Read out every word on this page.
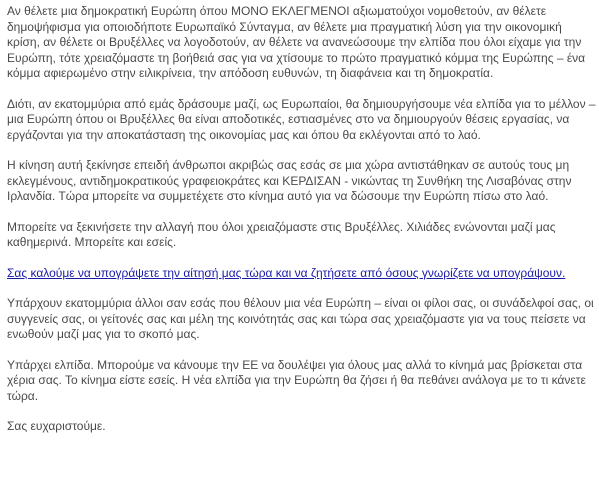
Αν θέλετε μια δημοκρατική Ευρώπη όπου ΜΟΝΟ ΕΚΛΕΓΜΕΝΟΙ αξιωματούχοι νομοθετούν, αν θέλετε δημοψήφισμα για οποιοδήποτε Ευρωπαϊκό Σύνταγμα, αν θέλετε μια πραγματική λύση για την οικονομική κρίση, αν θέλετε οι Βρυξέλλες να λογοδοτούν, αν θέλετε να ανανεώσουμε την ελπίδα που όλοι είχαμε για την Ευρώπη, τότε χρειαζόμαστε τη βοήθειά σας για να χτίσουμε το πρώτο πραγματικό κόμμα της Ευρώπης – ένα κόμμα αφιερωμένο στην ειλικρίνεια, την απόδοση ευθυνών, τη διαφάνεια και τη δημοκρατία.

Διότι, αν εκατομμύρια από εμάς δράσουμε μαζί, ως Ευρωπαίοι, θα δημιουργήσουμε νέα ελπίδα για το μέλλον – μια Ευρώπη όπου οι Βρυξέλλες θα είναι αποδοτικές, εστιασμένες στο να δημιουργούν θέσεις εργασίας, να εργάζονται για την αποκατάσταση της οικονομίας μας και όπου θα εκλέγονται από το λαό.

Η κίνηση αυτή ξεκίνησε επειδή άνθρωποι ακριβώς σας εσάς σε μια χώρα αντιστάθηκαν σε αυτούς τους μη εκλεγμένους, αντιδημοκρατικούς γραφειοκράτες και ΚΕΡΔΙΣΑΝ - νικώντας τη Συνθήκη της Λισαβόνας στην Ιρλανδία. Τώρα μπορείτε να συμμετέχετε στο κίνημα αυτό για να δώσουμε την Ευρώπη πίσω στο λαό.

Μπορείτε να ξεκινήσετε την αλλαγή που όλοι χρειαζόμαστε στις Βρυξέλλες. Χιλιάδες ενώνονται μαζί μας καθημερινά. Μπορείτε και εσείς.

Σας καλούμε να υπογράψετε την αίτησή μας τώρα και να ζητήσετε από όσους γνωρίζετε να υπογράψουν.

Υπάρχουν εκατομμύρια άλλοι σαν εσάς που θέλουν μια νέα Ευρώπη – είναι οι φίλοι σας, οι συνάδελφοί σας, οι συγγενείς σας, οι γείτονές σας και μέλη της κοινότητάς σας και τώρα σας χρειαζόμαστε για να τους πείσετε να ενωθούν μαζί μας για το σκοπό μας.

Υπάρχει ελπίδα. Μπορούμε να κάνουμε την ΕΕ να δουλέψει για όλους μας αλλά το κίνημά μας βρίσκεται στα χέρια σας. Το κίνημα είστε εσείς. Η νέα ελπίδα για την Ευρώπη θα ζήσει ή θα πεθάνει ανάλογα με το τι κάνετε τώρα.

Σας ευχαριστούμε.
